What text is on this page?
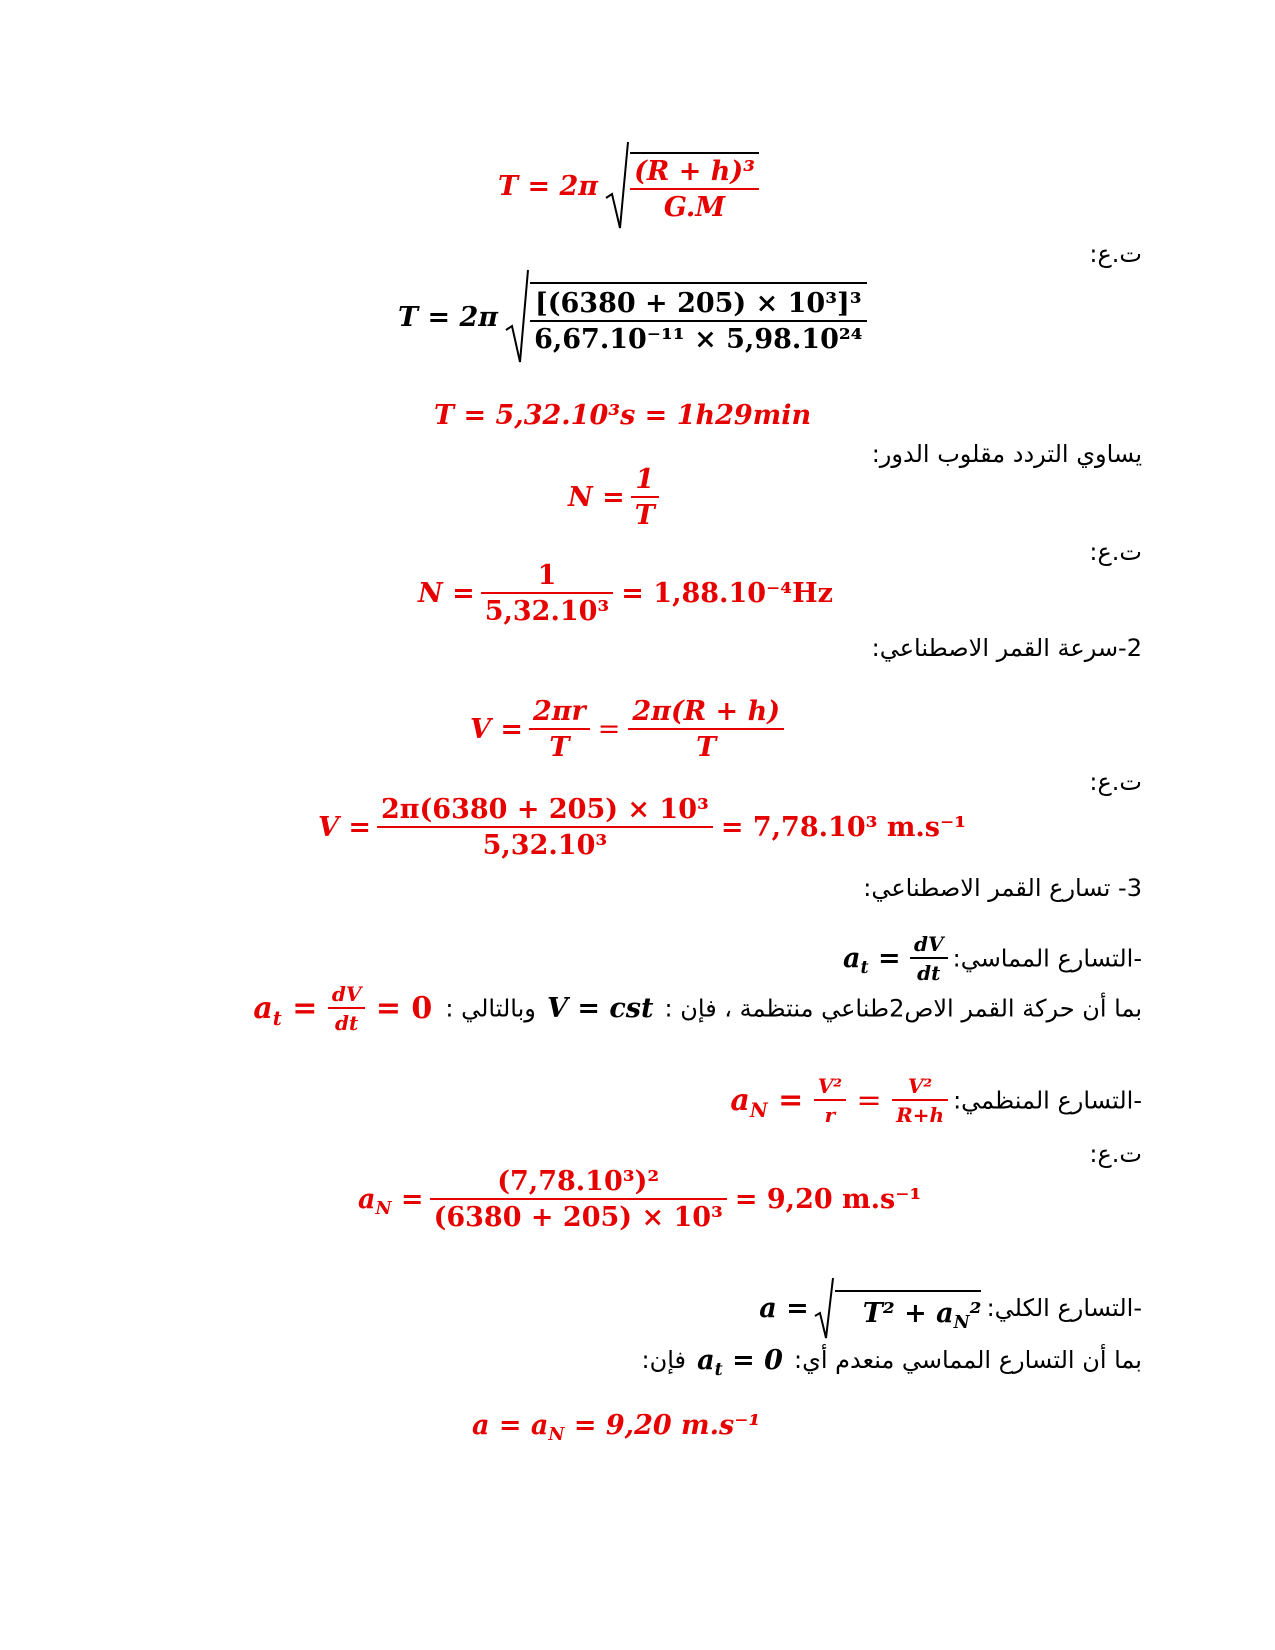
$T = 2\pi \frac{\text{(R + h)³}}{G.M}$
ت.ع:
$T = 2\pi \frac{\text{[(6380 + 205) × 10³]³}}{\text{6,67.10⁻¹¹ × 5,98.10²⁴}}$
T = 5,32.10³s = 1h29min
يساوي التردد مقلوب الدور:
$N = \frac{1}{T}$
ت.ع:
$N = \frac{1}{\text{5,32.10³}} = 1,88.10^{-4}Hz$
2-سرعة القمر الاصطناعي:
$V = \frac{2\pi r}{T} = \frac{2\pi(R + h)}{T}$
ت.ع:
$V = \frac{\text{2π(6380 + 205) × 10³}}{\text{5,32.10³}} = 7,78.10^3$ m.s⁻¹
3- تسارع القمر الاصطناعي:
-التسارع المماسي: $a_t = \frac{dV}{dt}$
بما أن حركة القمر الاص2طناعي منتظمة ، فإن : V = cst وبالتالي : $a_t = \frac{dV}{dt} = 0$
-التسارع المنظمي: $a_N = \frac{\text{V²}}{r} = \frac{\text{V²}}{R+h}$
ت.ع:
$a_N = \frac{\text{(7,78.10³)²}}{\text{(6380 + 205) × 10³}} = 9,20$ m.s⁻¹
-التسارع الكلي: $a = T^2 + a_N^2$
بما أن التسارع المماسي منعدم أي: $a_t = 0$ فإن:
$a = a_N = 9,20$ m.s⁻¹
